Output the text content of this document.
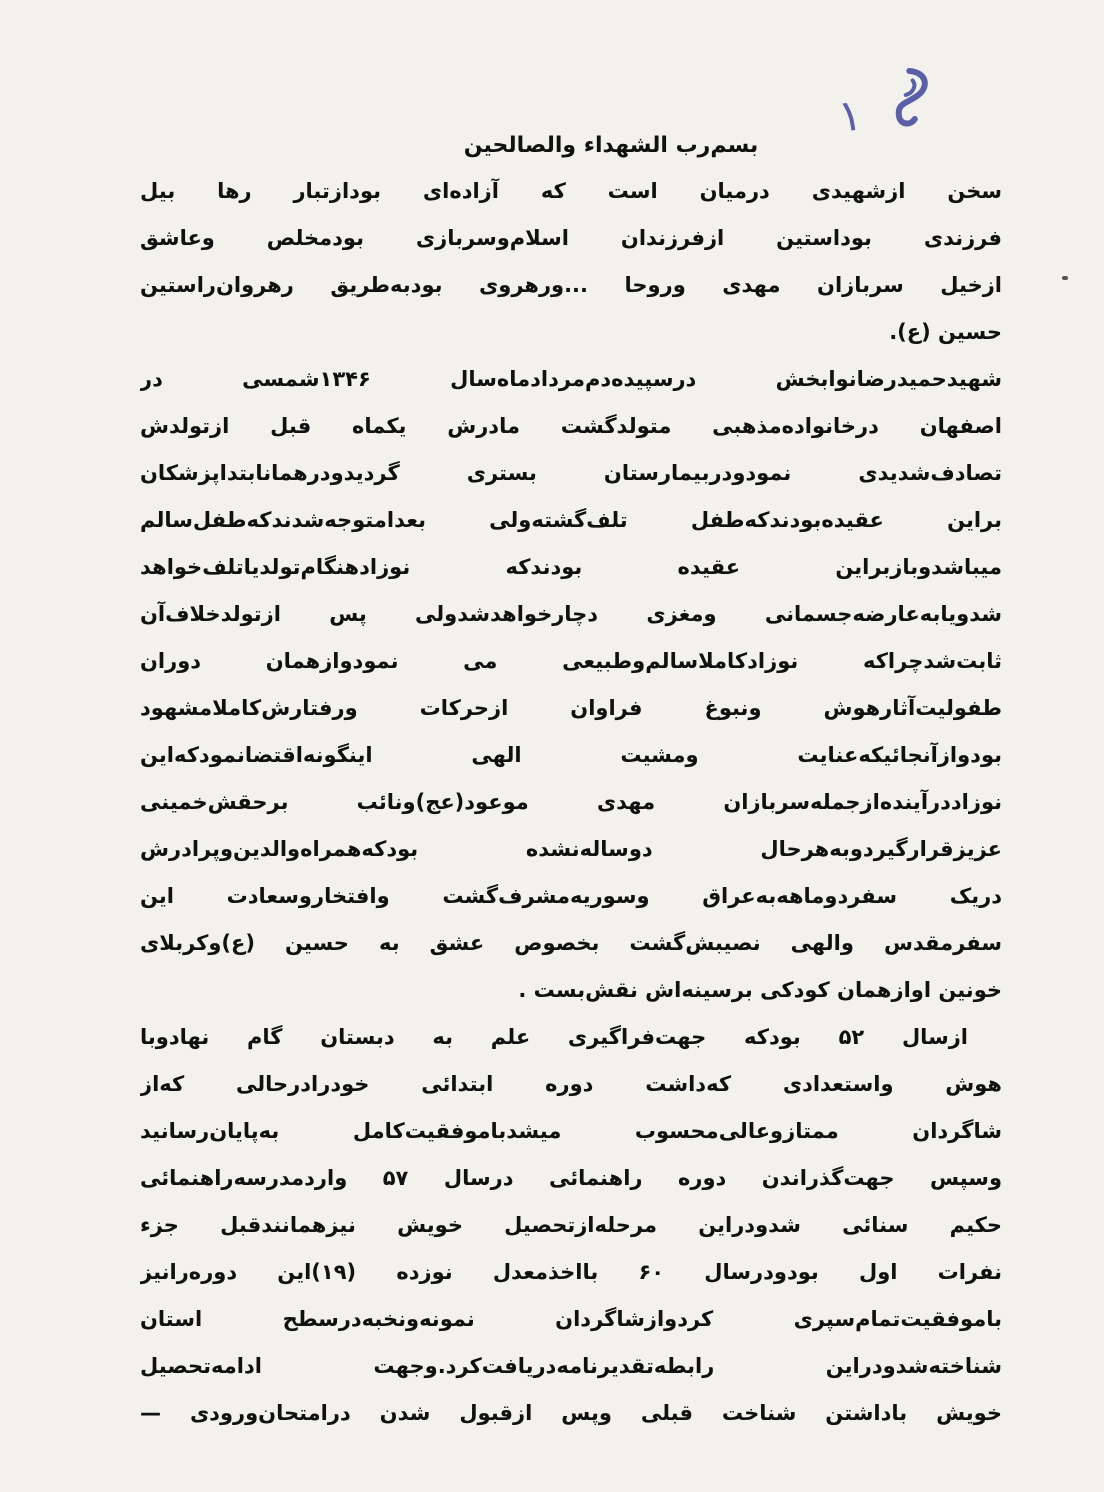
۱
بسم‌رب الشهداء والصالحین
سخن ازشهیدی درمیان است که آزاده‌ای بودازتبار رها بیل
فرزندی بوداستین ازفرزندان اسلام‌وسربازی بودمخلص وعاشق
ازخیل سربازان مهدی وروحا ...ورهروی بودبه‌طریق رهروان‌راستین
حسین (ع).
شهیدحمیدرضانوابخش درسپیده‌دم‌مردادماه‌سال ۱۳۴۶شمسی در
اصفهان درخانواده‌مذهبی متولدگشت مادرش یکماه قبل ازتولدش
تصادف‌شدیدی نمودودربیمارستان بستری گردیدودرهمانابتداپزشکان
براین عقیده‌بودندکه‌طفل تلف‌گشته‌ولی بعدامتوجه‌شدندکه‌طفل‌سالم
میباشدوبازبراین عقیده بودندکه نوزادهنگام‌تولدیاتلف‌خواهد
شدویابه‌عارضه‌جسمانی ومغزی دچارخواهدشدولی پس ازتولدخلاف‌آن
ثابت‌شدچراکه نوزادکاملاسالم‌وطبیعی می نمودوازهمان دوران
طفولیت‌آثارهوش ونبوغ فراوان ازحرکات ورفتارش‌کاملامشهود
بودوازآنجائیکه‌عنایت ومشیت الهی اینگونه‌اقتضانمودکه‌این
نوزاددرآینده‌ازجمله‌سربازان مهدی موعود(عج)ونائب برحقش‌خمینی
عزیزقرارگیردوبه‌هرحال دوساله‌نشده بودکه‌همراه‌والدین‌وپرادرش
دریک سفردوماهه‌به‌عراق وسوریه‌مشرف‌گشت وافتخاروسعادت این
سفرمقدس والهی نصیبش‌گشت بخصوص عشق به حسین (ع)وکربلای
خونین اوازهمان کودکی برسینه‌اش نقش‌بست .
ازسال ۵۲ بودکه جهت‌فراگیری علم به دبستان گام نهادوبا
هوش واستعدادی که‌داشت دوره ابتدائی خودرادرحالی که‌از
شاگردان ممتازوعالی‌محسوب میشدباموفقیت‌کامل به‌پایان‌رسانید
وسپس جهت‌گذراندن دوره راهنمائی درسال ۵۷ واردمدرسه‌راهنمائی
حکیم سنائی شدودراین مرحله‌ازتحصیل خویش نیزهمانندقبل جزء
نفرات اول بودودرسال ۶۰ بااخذمعدل نوزده (۱۹)این دوره‌رانیز
باموفقیت‌تمام‌سپری کردوازشاگردان نمونه‌ونخبه‌درسطح استان
شناخته‌شدودراین رابطه‌تقدیرنامه‌دریافت‌کرد.وجهت ادامه‌تحصیل
خویش باداشتن شناخت قبلی وپس ازقبول شدن درامتحان‌ورودی —
